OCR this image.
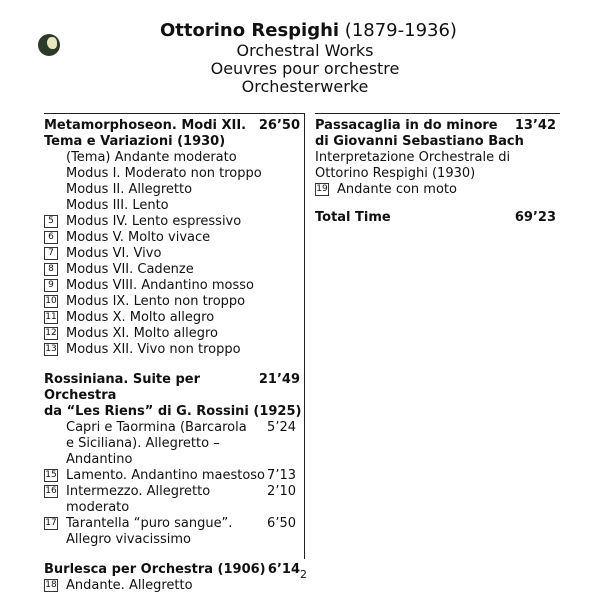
Ottorino Respighi (1879-1936)

Orchestral Works
Oeuvres pour orchestre
Orchesterwerke
Metamorphoseon. Modi XII. 26’50
Tema e Variazioni (1930)
(Tema) Andante moderato
Modus I. Moderato non troppo
Modus II. Allegretto
Modus III. Lento
5 Modus IV. Lento espressivo
6 Modus V. Molto vivace
7 Modus VI. Vivo
8 Modus VII. Cadenze
9 Modus VIII. Andantino mosso
10 Modus IX. Lento non troppo
11 Modus X. Molto allegro
12 Modus XI. Molto allegro
13 Modus XII. Vivo non troppo
Rossiniana. Suite per Orchestra
21’49
da “Les Riens” di G. Rossini (1925)
Capri e Taormina (Barcarola
e Siciliana). Allegretto – Andantino
5’24
15 Lamento. Andantino maestoso 7’13
16 Intermezzo. Allegretto moderato
2’10
17 Tarantella “puro sangue”.
Allegro vivacissimo
6’50
Burlesca per Orchestra (1906) 6’14
18 Andante. Allegretto
Passacaglia in do minore 13’42
di Giovanni Sebastiano Bach
Interpretazione Orchestrale di Ottorino Respighi (1930)
19 Andante con moto
Total Time	69’23
2
